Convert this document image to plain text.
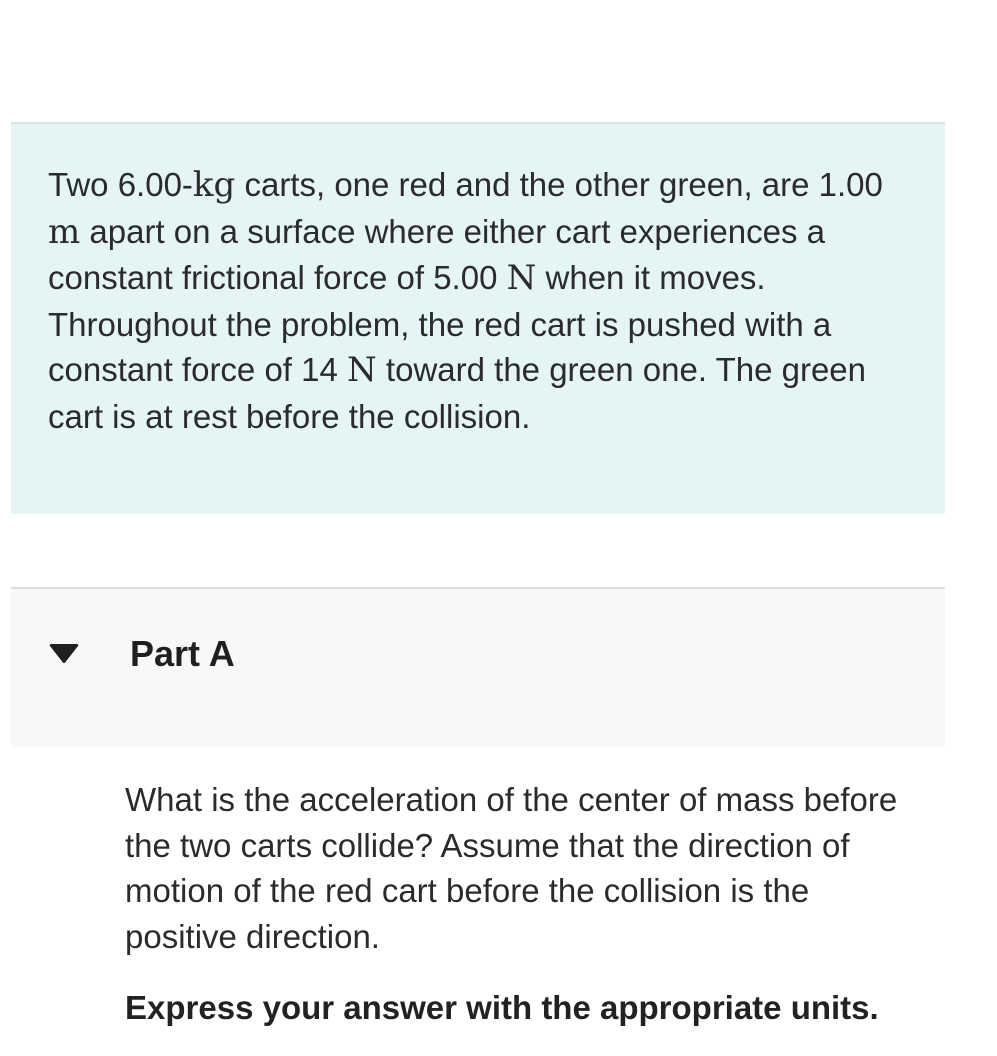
Two 6.00-kg carts, one red and the other green, are 1.00 m apart on a surface where either cart experiences a constant frictional force of 5.00 N when it moves. Throughout the problem, the red cart is pushed with a constant force of 14 N toward the green one. The green cart is at rest before the collision.
Part A
What is the acceleration of the center of mass before the two carts collide? Assume that the direction of motion of the red cart before the collision is the positive direction.
Express your answer with the appropriate units.
